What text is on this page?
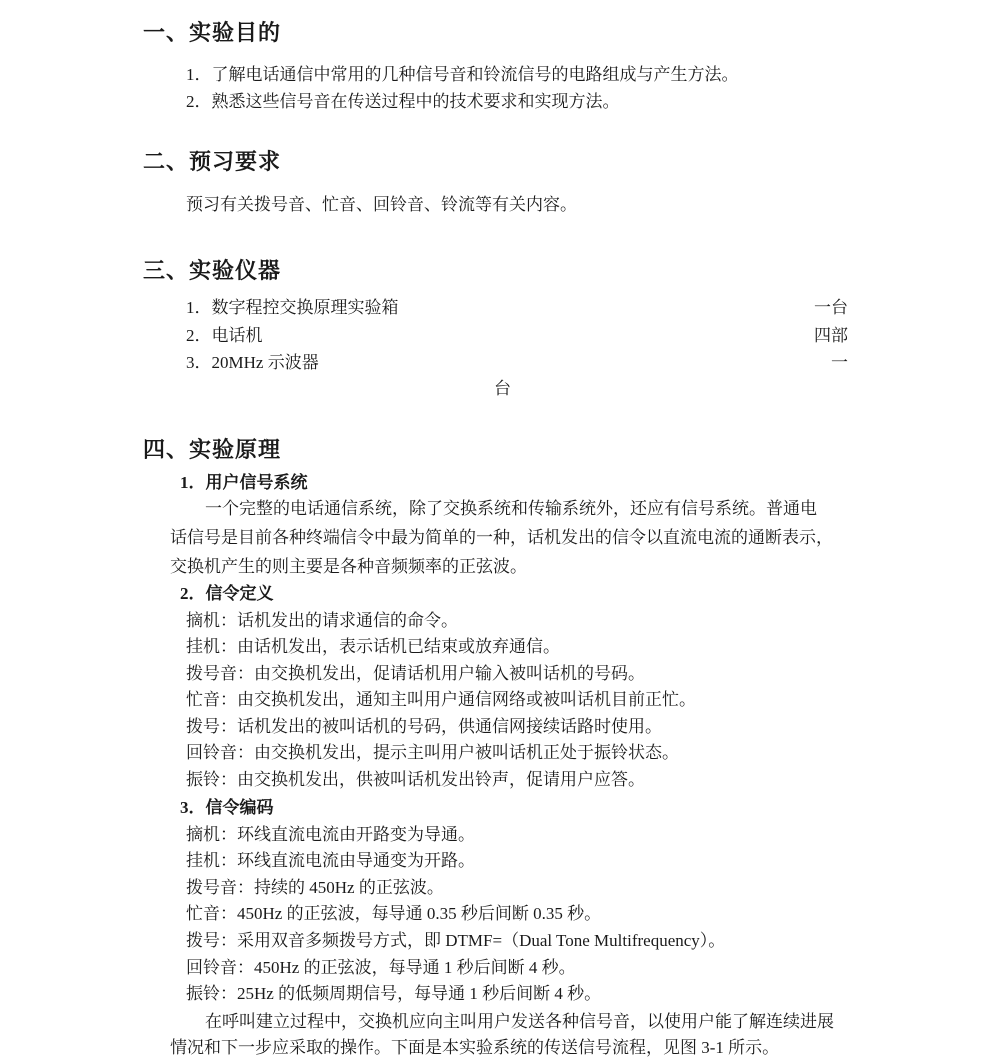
一、实验目的
1．了解电话通信中常用的几种信号音和铃流信号的电路组成与产生方法。
2．熟悉这些信号音在传送过程中的技术要求和实现方法。
二、预习要求
预习有关拨号音、忙音、回铃音、铃流等有关内容。
三、实验仪器
1．数字程控交换原理实验箱	一台
2．电话机	四部
3．20MHz 示波器	一
台
四、实验原理
1．用户信号系统
一个完整的电话通信系统，除了交换系统和传输系统外，还应有信号系统。普通电
话信号是目前各种终端信令中最为简单的一种，话机发出的信令以直流电流的通断表示，
交换机产生的则主要是各种音频频率的正弦波。
2．信令定义
摘机：话机发出的请求通信的命令。
挂机：由话机发出，表示话机已结束或放弃通信。
拨号音：由交换机发出，促请话机用户输入被叫话机的号码。
忙音：由交换机发出，通知主叫用户通信网络或被叫话机目前正忙。
拨号：话机发出的被叫话机的号码，供通信网接续话路时使用。
回铃音：由交换机发出，提示主叫用户被叫话机正处于振铃状态。
振铃：由交换机发出，供被叫话机发出铃声，促请用户应答。
3．信令编码
摘机：环线直流电流由开路变为导通。
挂机：环线直流电流由导通变为开路。
拨号音：持续的 450Hz 的正弦波。
忙音：450Hz 的正弦波，每导通 0.35 秒后间断 0.35 秒。
拨号：采用双音多频拨号方式，即 DTMF=（Dual Tone Multifrequency）。
回铃音：450Hz 的正弦波，每导通 1 秒后间断 4 秒。
振铃：25Hz 的低频周期信号，每导通 1 秒后间断 4 秒。
在呼叫建立过程中，交换机应向主叫用户发送各种信号音，以使用户能了解连续进展
情况和下一步应采取的操作。下面是本实验系统的传送信号流程，见图 3-1 所示。
